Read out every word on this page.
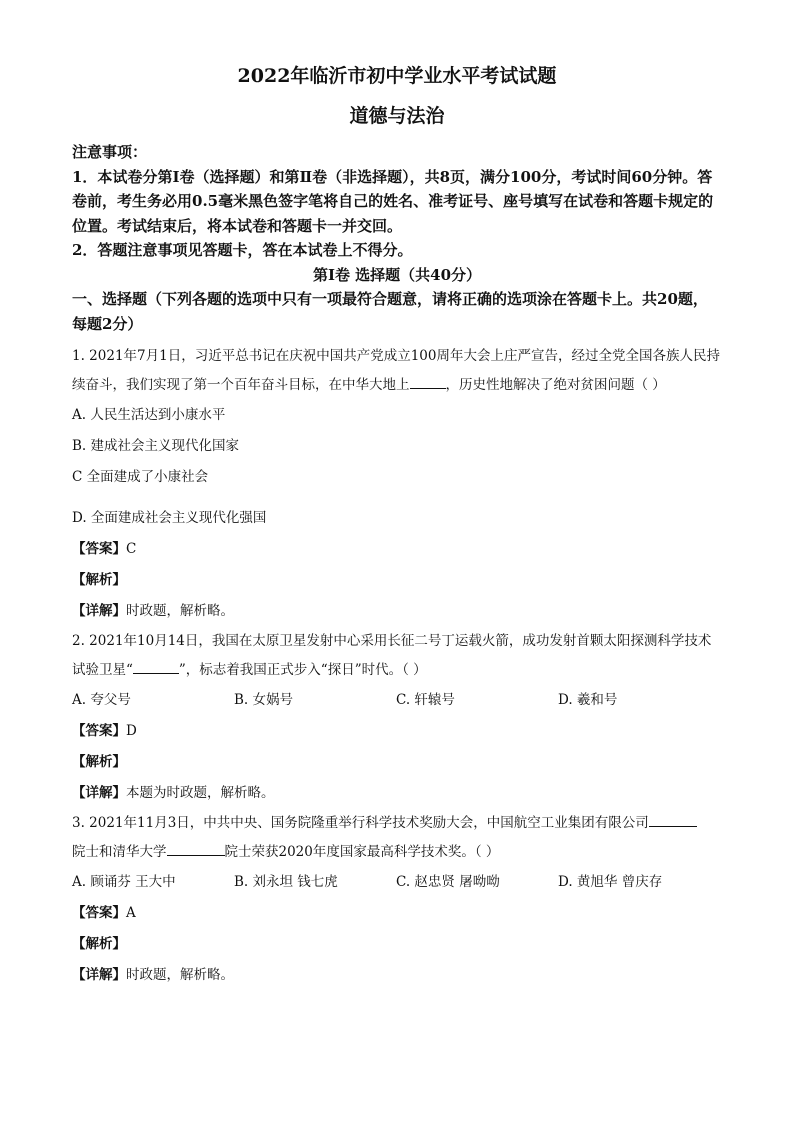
2022年临沂市初中学业水平考试试题
道德与法治
注意事项：
1．本试卷分第Ⅰ卷（选择题）和第Ⅱ卷（非选择题），共8页，满分100分，考试时间60分钟。答卷前，考生务必用0.5毫米黑色签字笔将自己的姓名、准考证号、座号填写在试卷和答题卡规定的位置。考试结束后，将本试卷和答题卡一并交回。
2．答题注意事项见答题卡，答在本试卷上不得分。
第Ⅰ卷 选择题（共40分）
一、选择题（下列各题的选项中只有一项最符合题意，请将正确的选项涂在答题卡上。共20题，每题2分）
1. 2021年7月1日，习近平总书记在庆祝中国共产党成立100周年大会上庄严宣告，经过全党全国各族人民持续奋斗，我们实现了第一个百年奋斗目标，在中华大地上	，历史性地解决了绝对贫困问题（ ）
A. 人民生活达到小康水平
B. 建成社会主义现代化国家
C 全面建成了小康社会
D. 全面建成社会主义现代化强国
【答案】C
【解析】
【详解】时政题，解析略。
2. 2021年10月14日，我国在太原卫星发射中心采用长征二号丁运载火箭，成功发射首颗太阳探测科学技术试验卫星“	”，标志着我国正式步入“探日”时代。（ ）
A. 夸父号	B. 女娲号	C. 轩辕号	D. 羲和号
【答案】D
【解析】
【详解】本题为时政题，解析略。
3. 2021年11月3日，中共中央、国务院隆重举行科学技术奖励大会，中国航空工业集团有限公司
院士和清华大学	院士荣获2020年度国家最高科学技术奖。（ ）
A. 顾诵芬 王大中	B. 刘永坦 钱七虎	C. 赵忠贤 屠呦呦	D. 黄旭华 曾庆存
【答案】A
【解析】
【详解】时政题，解析略。
